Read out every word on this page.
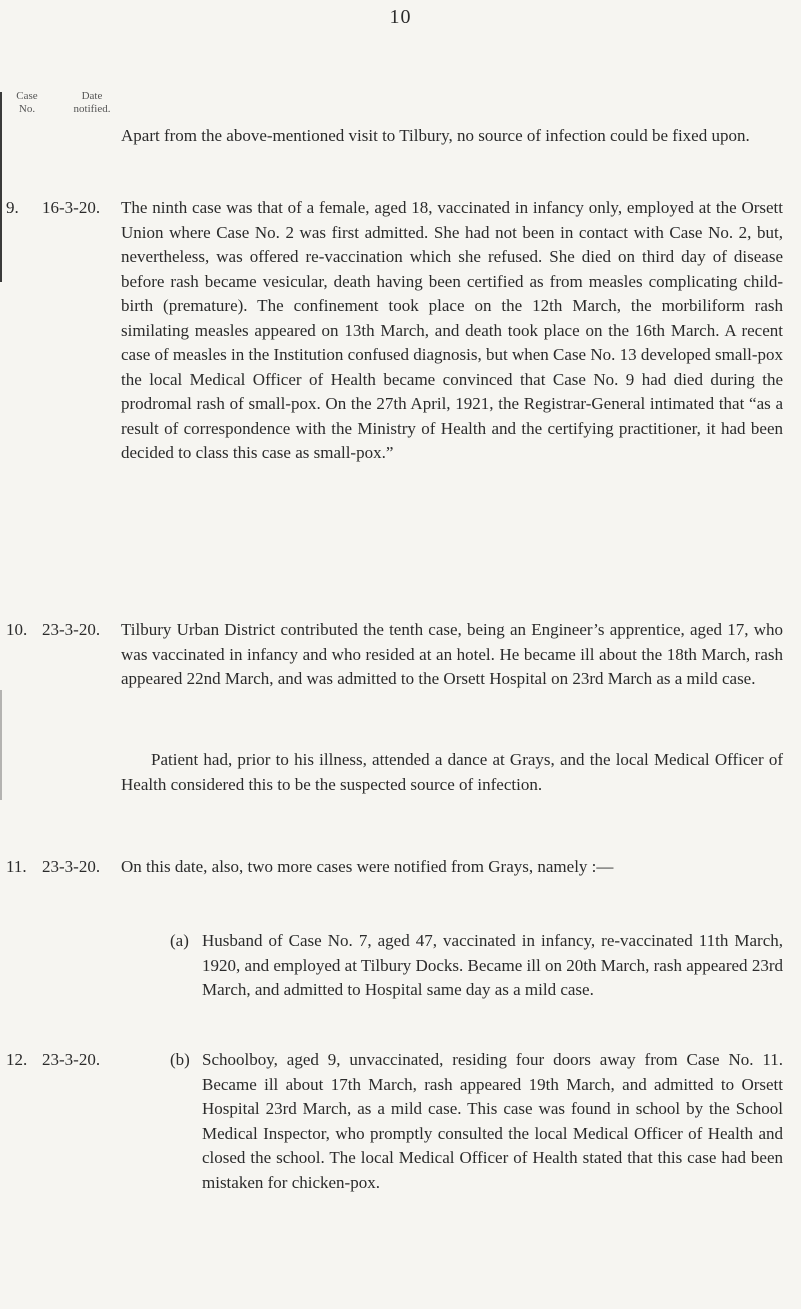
10
Case
No.
Date
notified.

Apart from the above-mentioned visit to Tilbury, no source of infection could be fixed upon.

9. 16-3-20. The ninth case was that of a female, aged 18, vaccinated in infancy only, employed at the Orsett Union where Case No. 2 was first admitted. She had not been in contact with Case No. 2, but, nevertheless, was offered re-vaccination which she refused. She died on third day of disease before rash became vesicular, death having been certified as from measles complicating child-birth (premature). The confinement took place on the 12th March, the morbiliform rash similating measles appeared on 13th March, and death took place on the 16th March. A recent case of measles in the Institution confused diagnosis, but when Case No. 13 developed small-pox the local Medical Officer of Health became convinced that Case No. 9 had died during the prodromal rash of small-pox. On the 27th April, 1921, the Registrar-General intimated that “as a result of correspondence with the Ministry of Health and the certifying practitioner, it had been decided to class this case as small-pox.”

10. 23-3-20. Tilbury Urban District contributed the tenth case, being an Engineer’s apprentice, aged 17, who was vaccinated in infancy and who resided at an hotel. He became ill about the 18th March, rash appeared 22nd March, and was admitted to the Orsett Hospital on 23rd March as a mild case.

Patient had, prior to his illness, attended a dance at Grays, and the local Medical Officer of Health considered this to be the suspected source of infection.

11. 23-3-20. On this date, also, two more cases were notified from Grays, namely :—

(a) Husband of Case No. 7, aged 47, vaccinated in infancy, re-vaccinated 11th March, 1920, and employed at Tilbury Docks. Became ill on 20th March, rash appeared 23rd March, and admitted to Hospital same day as a mild case.
12. 23-3-20.	(b) Schoolboy, aged 9, unvaccinated, residing four doors away from Case No. 11. Became ill about 17th March, rash appeared 19th March, and admitted to Orsett Hospital 23rd March, as a mild case. This case was found in school by the School Medical Inspector, who promptly consulted the local Medical Officer of Health and closed the school. The local Medical Officer of Health stated that this case had been mistaken for chicken-pox.
